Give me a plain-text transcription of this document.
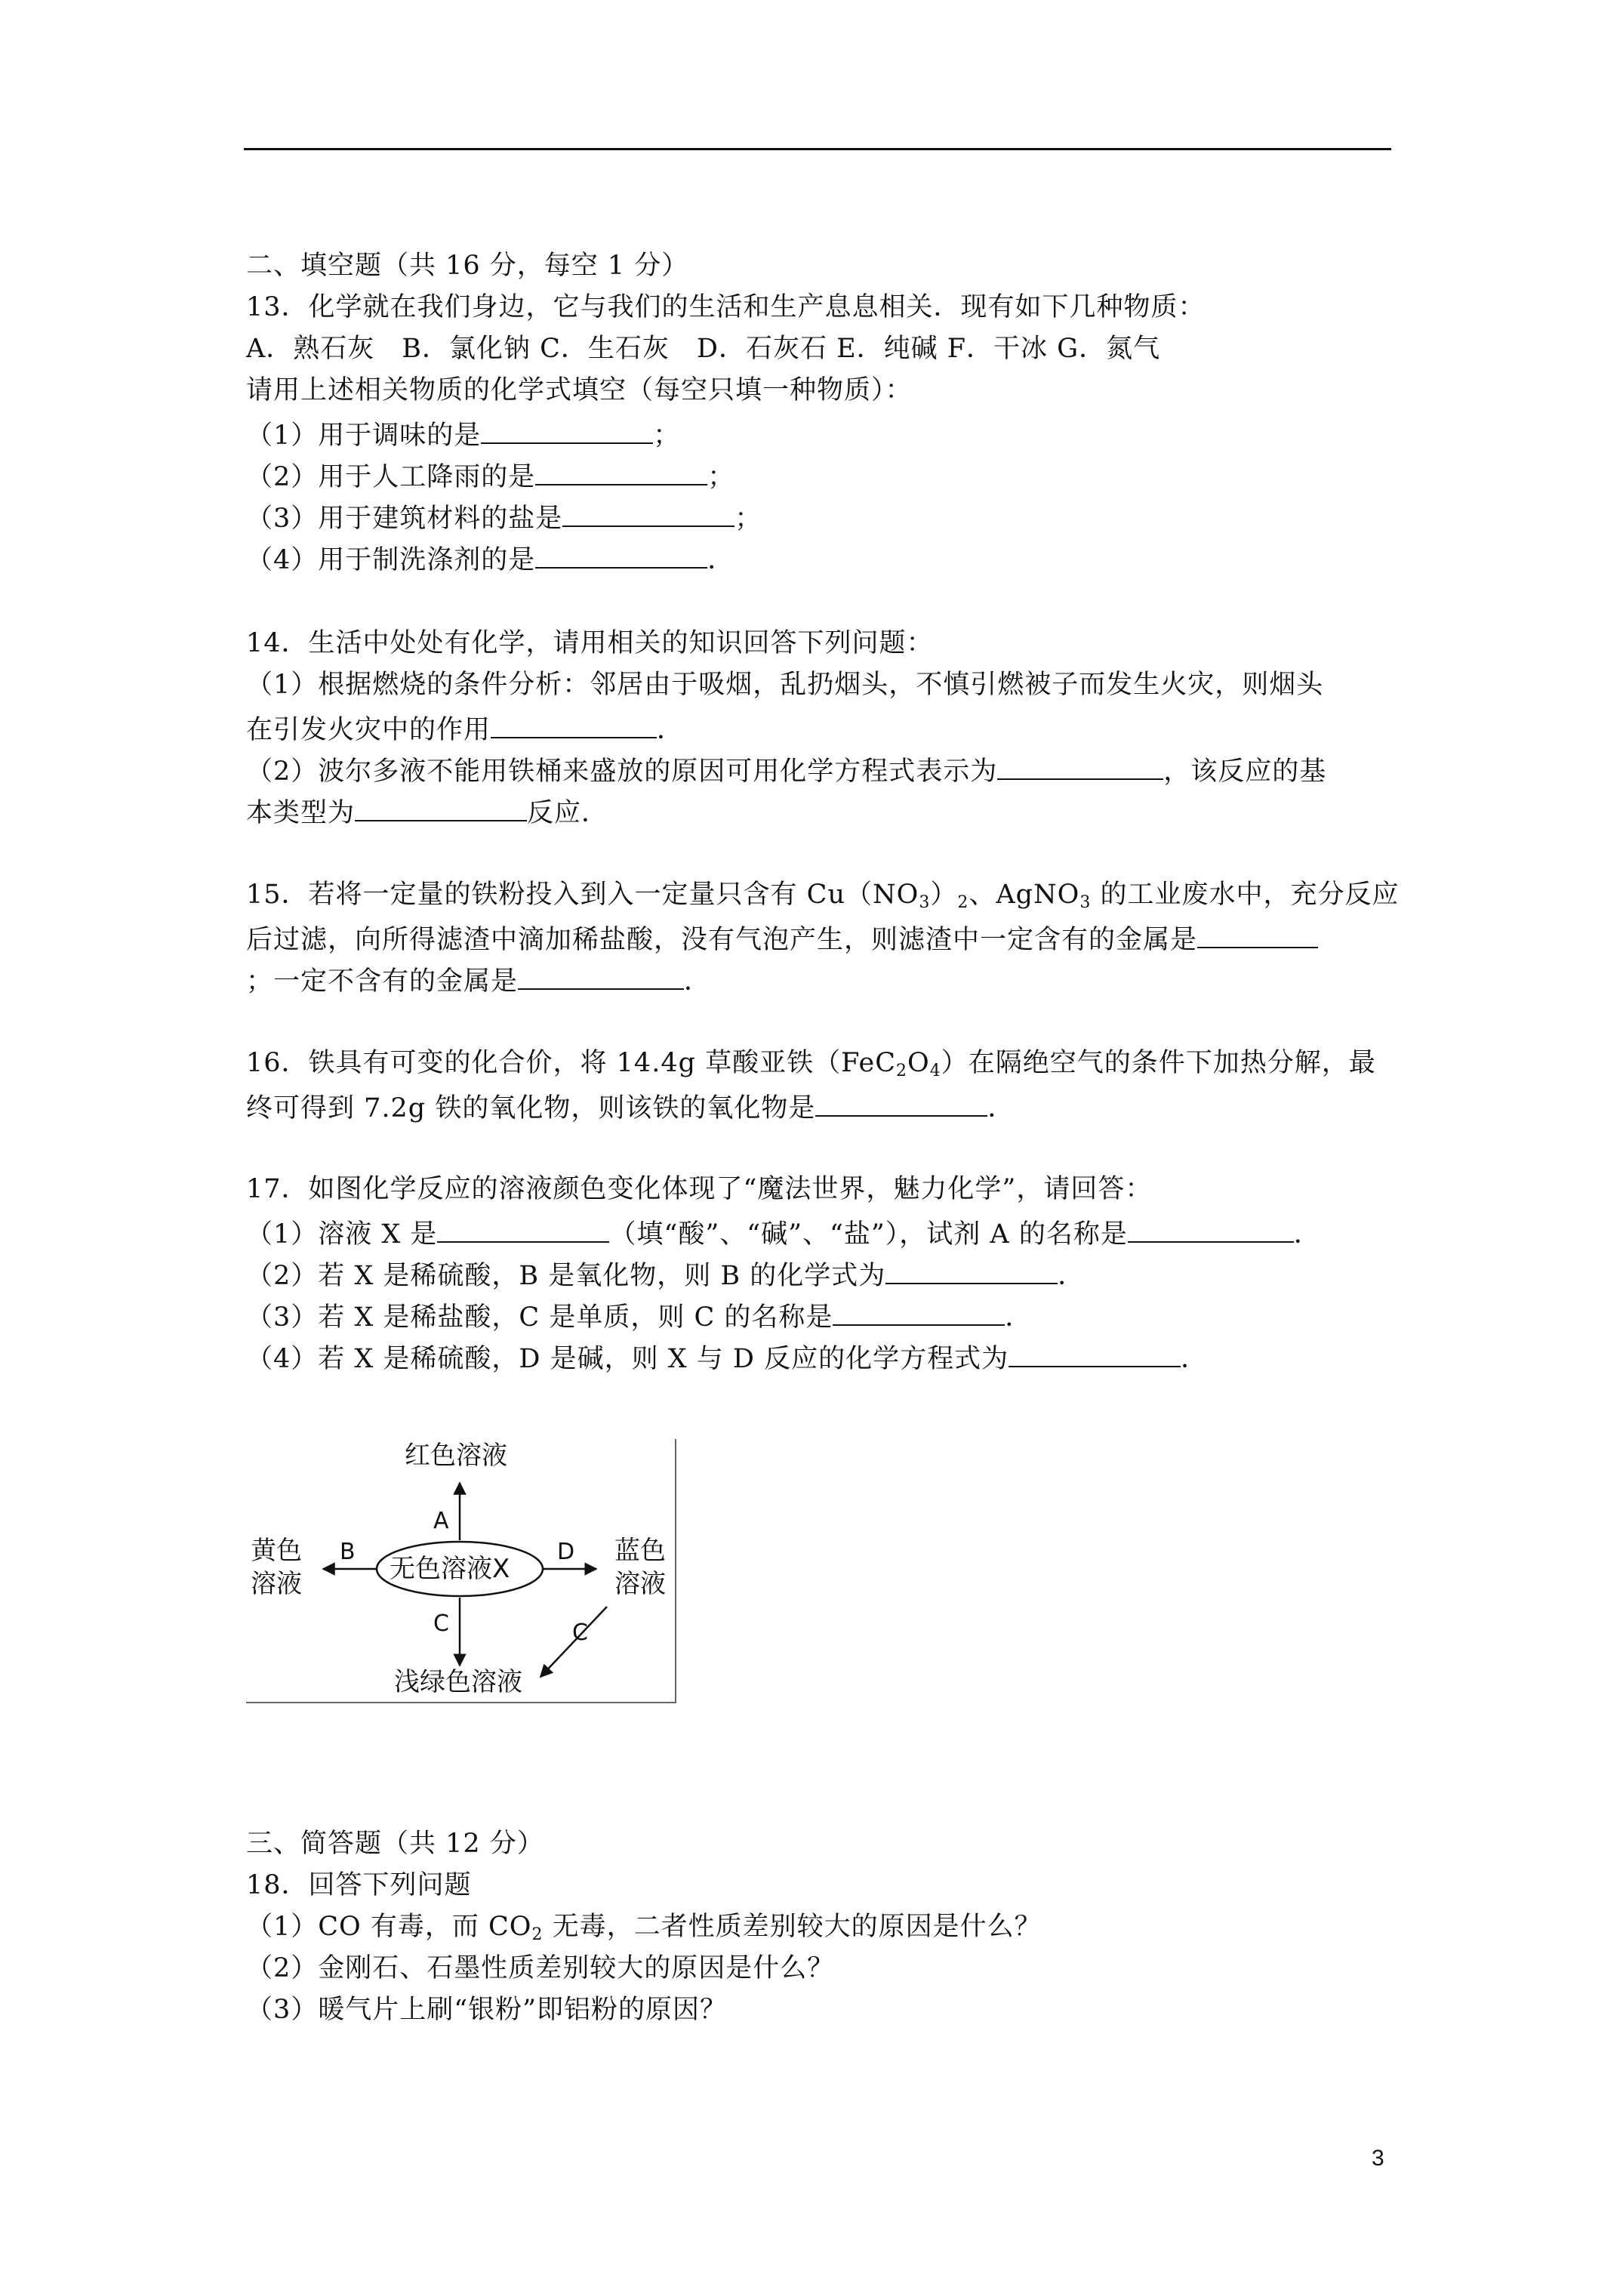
二、填空题（共 16 分，每空 1 分）
13．化学就在我们身边，它与我们的生活和生产息息相关．现有如下几种物质：
A．熟石灰　B．氯化钠 C．生石灰　D．石灰石 E．纯碱 F．干冰 G．氮气
请用上述相关物质的化学式填空（每空只填一种物质）：
（1）用于调味的是	；
（2）用于人工降雨的是	；
（3）用于建筑材料的盐是	；
（4）用于制洗涤剂的是	．
14．生活中处处有化学，请用相关的知识回答下列问题：
（1）根据燃烧的条件分析：邻居由于吸烟，乱扔烟头，不慎引燃被子而发生火灾，则烟头
在引发火灾中的作用	．
（2）波尔多液不能用铁桶来盛放的原因可用化学方程式表示为	，该反应的基
本类型为	反应．
15．若将一定量的铁粉投入到入一定量只含有 $Cu(NO_3)_2$、AgNO$_3$ 的工业废水中，充分反应
后过滤，向所得滤渣中滴加稀盐酸，没有气泡产生，则滤渣中一定含有的金属是
；一定不含有的金属是	．
16．铁具有可变的化合价，将 14.4g 草酸亚铁$(FeC_2O_4)$在隔绝空气的条件下加热分解，最
终可得到 7.2g 铁的氧化物，则该铁的氧化物是	．
17．如图化学反应的溶液颜色变化体现了“魔法世界，魅力化学”，请回答：
（1）溶液 X 是	（填“酸”、“碱”、“盐”），试剂 A 的名称是	．
（2）若 X 是稀硫酸，B 是氧化物，则 B 的化学式为	．
（3）若 X 是稀盐酸，C 是单质，则 C 的名称是	．
（4）若 X 是稀硫酸，D 是碱，则 X 与 D 反应的化学方程式为	．
红色溶液
A
黄色
溶液
B
无色溶液X
D 蓝色
溶液
C	C
浅绿色溶液
三、简答题（共 12 分）
18．回答下列问题
（1）CO 有毒，而 $CO_2$ 无毒，二者性质差别较大的原因是什么？
（2）金刚石、石墨性质差别较大的原因是什么？
（3）暖气片上刷“银粉”即铝粉的原因？
3
